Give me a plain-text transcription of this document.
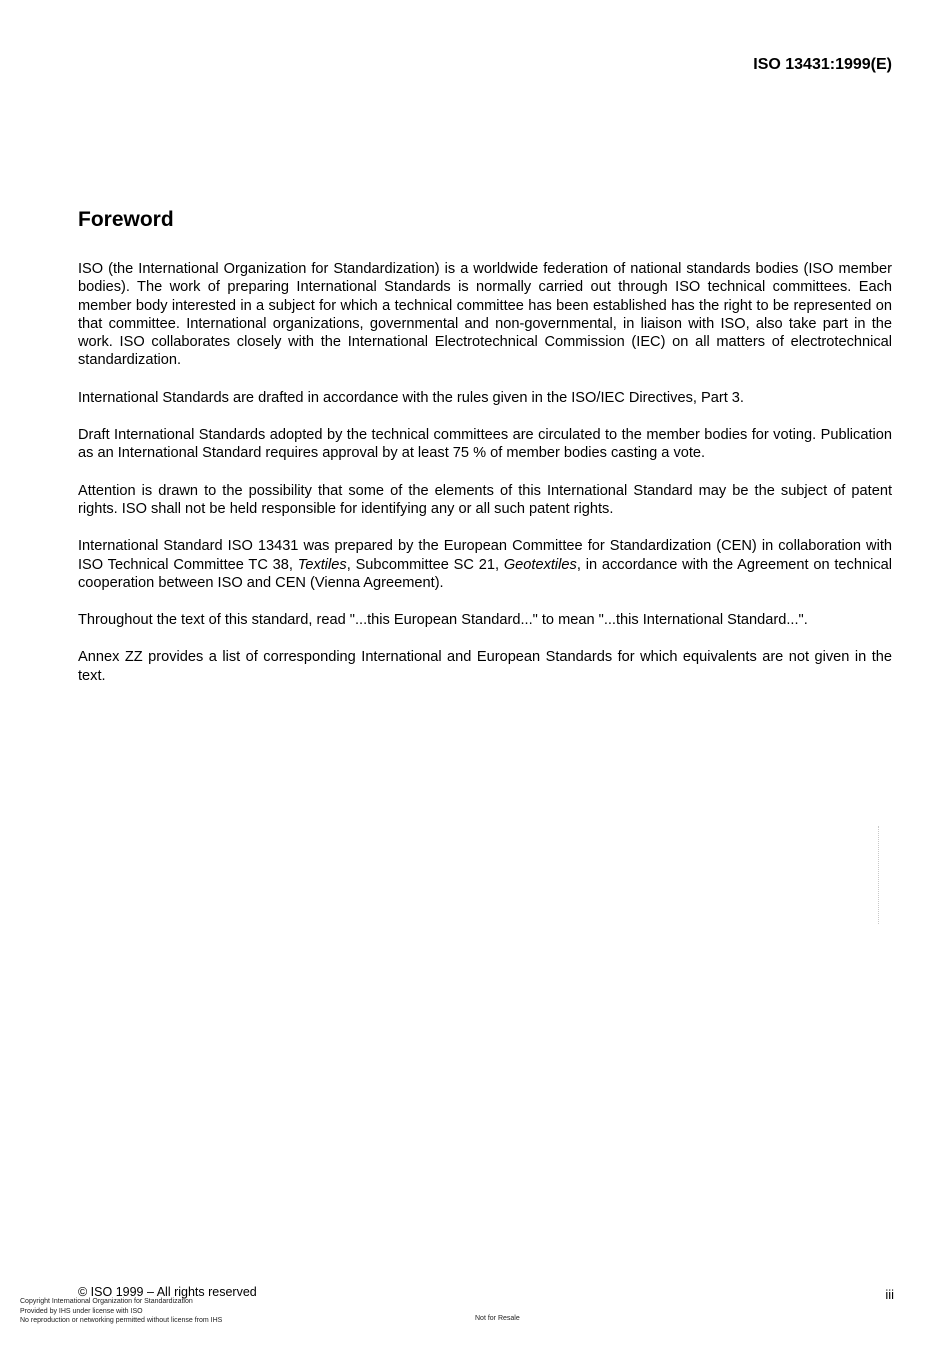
ISO 13431:1999(E)
Foreword

ISO (the International Organization for Standardization) is a worldwide federation of national standards bodies (ISO member bodies). The work of preparing International Standards is normally carried out through ISO technical committees. Each member body interested in a subject for which a technical committee has been established has the right to be represented on that committee. International organizations, governmental and non-governmental, in liaison with ISO, also take part in the work. ISO collaborates closely with the International Electrotechnical Commission (IEC) on all matters of electrotechnical standardization.

International Standards are drafted in accordance with the rules given in the ISO/IEC Directives, Part 3.

Draft International Standards adopted by the technical committees are circulated to the member bodies for voting. Publication as an International Standard requires approval by at least 75 % of member bodies casting a vote.

Attention is drawn to the possibility that some of the elements of this International Standard may be the subject of patent rights. ISO shall not be held responsible for identifying any or all such patent rights.

International Standard ISO 13431 was prepared by the European Committee for Standardization (CEN) in collaboration with ISO Technical Committee TC 38, Textiles, Subcommittee SC 21, Geotextiles, in accordance with the Agreement on technical cooperation between ISO and CEN (Vienna Agreement).

Throughout the text of this standard, read "...this European Standard..." to mean "...this International Standard...".

Annex ZZ provides a list of corresponding International and European Standards for which equivalents are not given in the text.

© ISO 1999 – All rights reserved	iii
Copyright International Organization for Standardization
Provided by IHS under license with ISO
No reproduction or networking permitted without license from IHS	Not for Resale
